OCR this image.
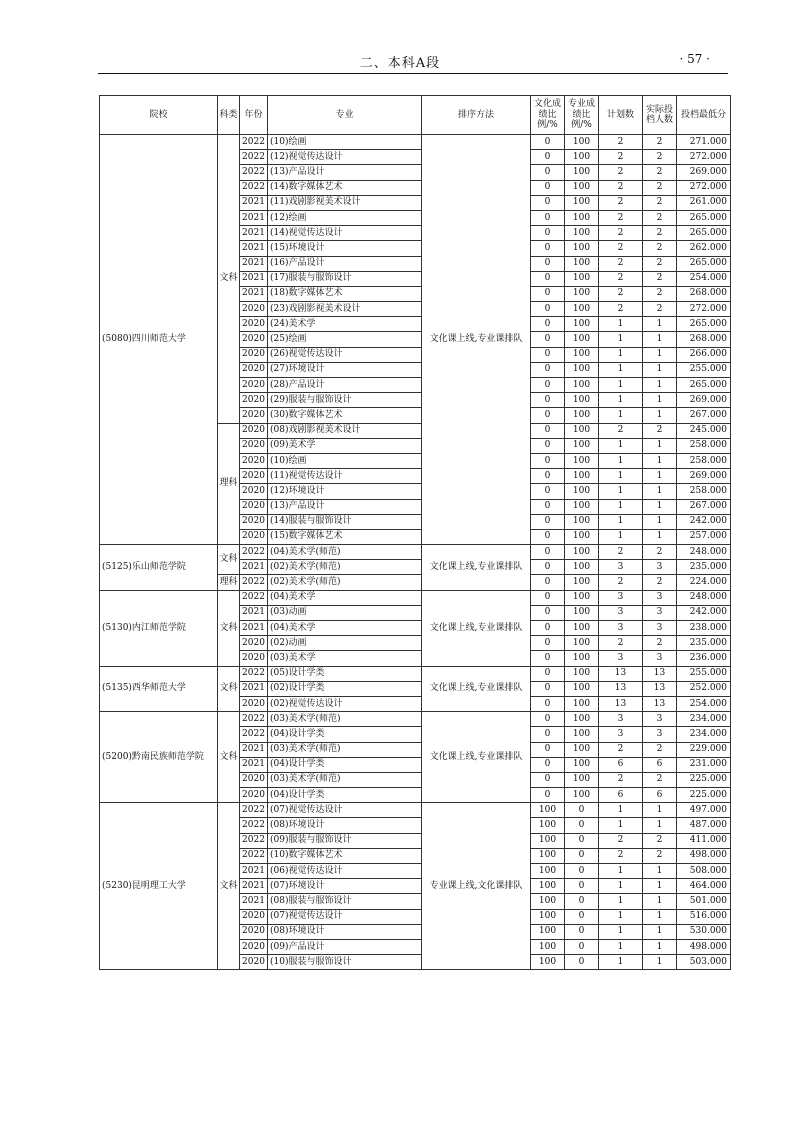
二、本科A段	· 57 ·
院校	科类	年份	专业	排序方法	文化成绩比例/%	专业成绩比例/%	计划数	实际投档人数	投档最低分
(5080)四川师范大学	文科	2022	(10)绘画	文化课上线,专业课排队	0	100	2	2	271.000
		2022	(12)视觉传达设计		0	100	2	2	272.000
		2022	(13)产品设计		0	100	2	2	269.000
		2022	(14)数字媒体艺术		0	100	2	2	272.000
		2021	(11)戏剧影视美术设计		0	100	2	2	261.000
		2021	(12)绘画		0	100	2	2	265.000
		2021	(14)视觉传达设计		0	100	2	2	265.000
		2021	(15)环境设计		0	100	2	2	262.000
		2021	(16)产品设计		0	100	2	2	265.000
		2021	(17)服装与服饰设计		0	100	2	2	254.000
		2021	(18)数字媒体艺术		0	100	2	2	268.000
		2020	(23)戏剧影视美术设计		0	100	2	2	272.000
		2020	(24)美术学		0	100	1	1	265.000
		2020	(25)绘画		0	100	1	1	268.000
		2020	(26)视觉传达设计		0	100	1	1	266.000
		2020	(27)环境设计		0	100	1	1	255.000
		2020	(28)产品设计		0	100	1	1	265.000
		2020	(29)服装与服饰设计		0	100	1	1	269.000
		2020	(30)数字媒体艺术		0	100	1	1	267.000
	理科	2020	(08)戏剧影视美术设计		0	100	2	2	245.000
		2020	(09)美术学		0	100	1	1	258.000
		2020	(10)绘画		0	100	1	1	258.000
		2020	(11)视觉传达设计		0	100	1	1	269.000
		2020	(12)环境设计		0	100	1	1	258.000
		2020	(13)产品设计		0	100	1	1	267.000
		2020	(14)服装与服饰设计		0	100	1	1	242.000
		2020	(15)数字媒体艺术		0	100	1	1	257.000
(5125)乐山师范学院	文科	2022	(04)美术学(师范)	文化课上线,专业课排队	0	100	2	2	248.000
		2021	(02)美术学(师范)		0	100	3	3	235.000
	理科	2022	(02)美术学(师范)		0	100	2	2	224.000
(5130)内江师范学院	文科	2022	(04)美术学	文化课上线,专业课排队	0	100	3	3	248.000
		2021	(03)动画		0	100	3	3	242.000
		2021	(04)美术学		0	100	3	3	238.000
		2020	(02)动画		0	100	2	2	235.000
		2020	(03)美术学		0	100	3	3	236.000
(5135)西华师范大学	文科	2022	(05)设计学类	文化课上线,专业课排队	0	100	13	13	255.000
		2021	(02)设计学类		0	100	13	13	252.000
		2020	(02)视觉传达设计		0	100	13	13	254.000
(5200)黔南民族师范学院	文科	2022	(03)美术学(师范)	文化课上线,专业课排队	0	100	3	3	234.000
		2022	(04)设计学类		0	100	3	3	234.000
		2021	(03)美术学(师范)		0	100	2	2	229.000
		2021	(04)设计学类		0	100	6	6	231.000
		2020	(03)美术学(师范)		0	100	2	2	225.000
		2020	(04)设计学类		0	100	6	6	225.000
(5230)昆明理工大学	文科	2022	(07)视觉传达设计	专业课上线,文化课排队	100	0	1	1	497.000
		2022	(08)环境设计		100	0	1	1	487.000
		2022	(09)服装与服饰设计		100	0	2	2	411.000
		2022	(10)数字媒体艺术		100	0	2	2	498.000
		2021	(06)视觉传达设计		100	0	1	1	508.000
		2021	(07)环境设计		100	0	1	1	464.000
		2021	(08)服装与服饰设计		100	0	1	1	501.000
		2020	(07)视觉传达设计		100	0	1	1	516.000
		2020	(08)环境设计		100	0	1	1	530.000
		2020	(09)产品设计		100	0	1	1	498.000
		2020	(10)服装与服饰设计		100	0	1	1	503.000
